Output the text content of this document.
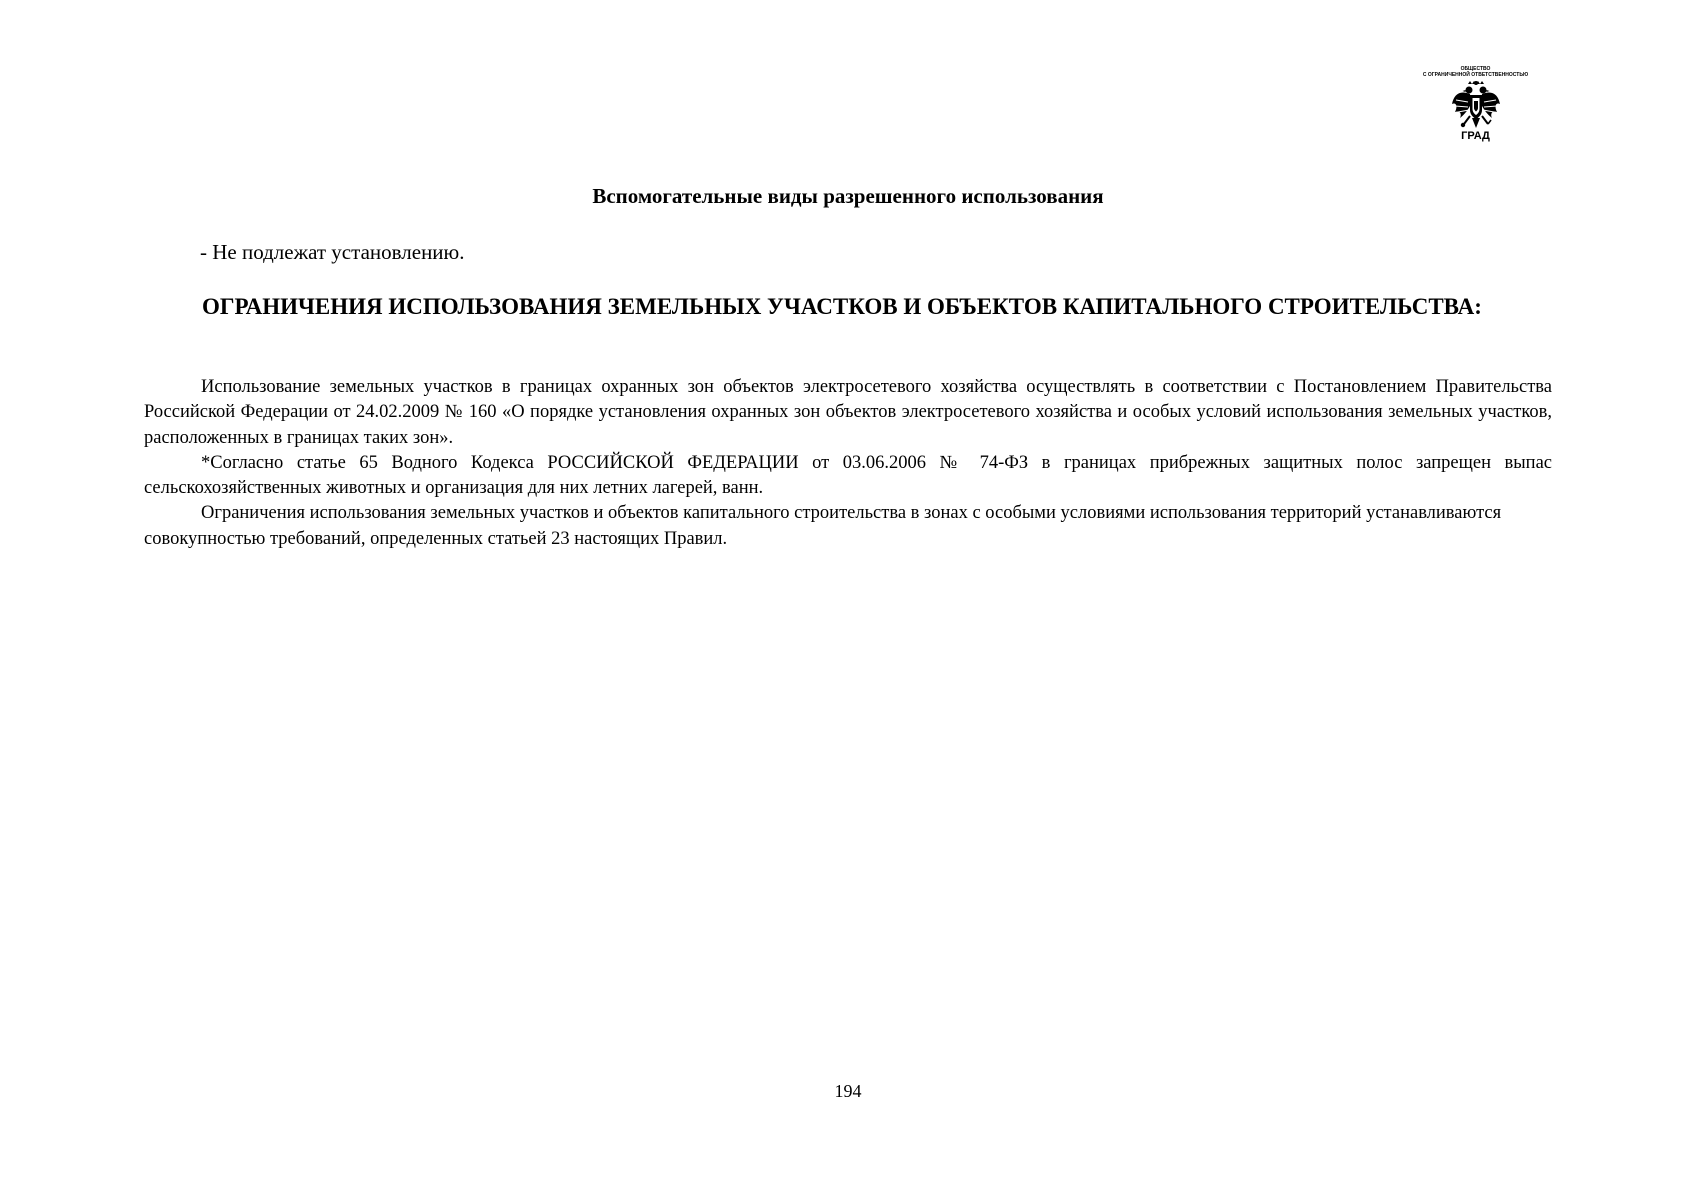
ОБЩЕСТВО
С ОГРАНИЧЕННОЙ ОТВЕТСТВЕННОСТЬЮ
ГРАД
Вспомогательные виды разрешенного использования

- Не подлежат установлению.

ОГРАНИЧЕНИЯ ИСПОЛЬЗОВАНИЯ ЗЕМЕЛЬНЫХ УЧАСТКОВ И ОБЪЕКТОВ КАПИТАЛЬНОГО СТРОИТЕЛЬСТВА:

Использование земельных участков в границах охранных зон объектов электросетевого хозяйства осуществлять в соответствии с Постановлением Правительства Российской Федерации от 24.02.2009 № 160 «О порядке установления охранных зон объектов электросетевого хозяйства и особых условий использования земельных участков, расположенных в границах таких зон».

*Согласно статье 65 Водного Кодекса РОССИЙСКОЙ ФЕДЕРАЦИИ от 03.06.2006 № 74-ФЗ в границах прибрежных защитных полос запрещен выпас сельскохозяйственных животных и организация для них летних лагерей, ванн.

Ограничения использования земельных участков и объектов капитального строительства в зонах с особыми условиями использования территорий устанавливаются совокупностью требований, определенных статьей 23 настоящих Правил.

194
